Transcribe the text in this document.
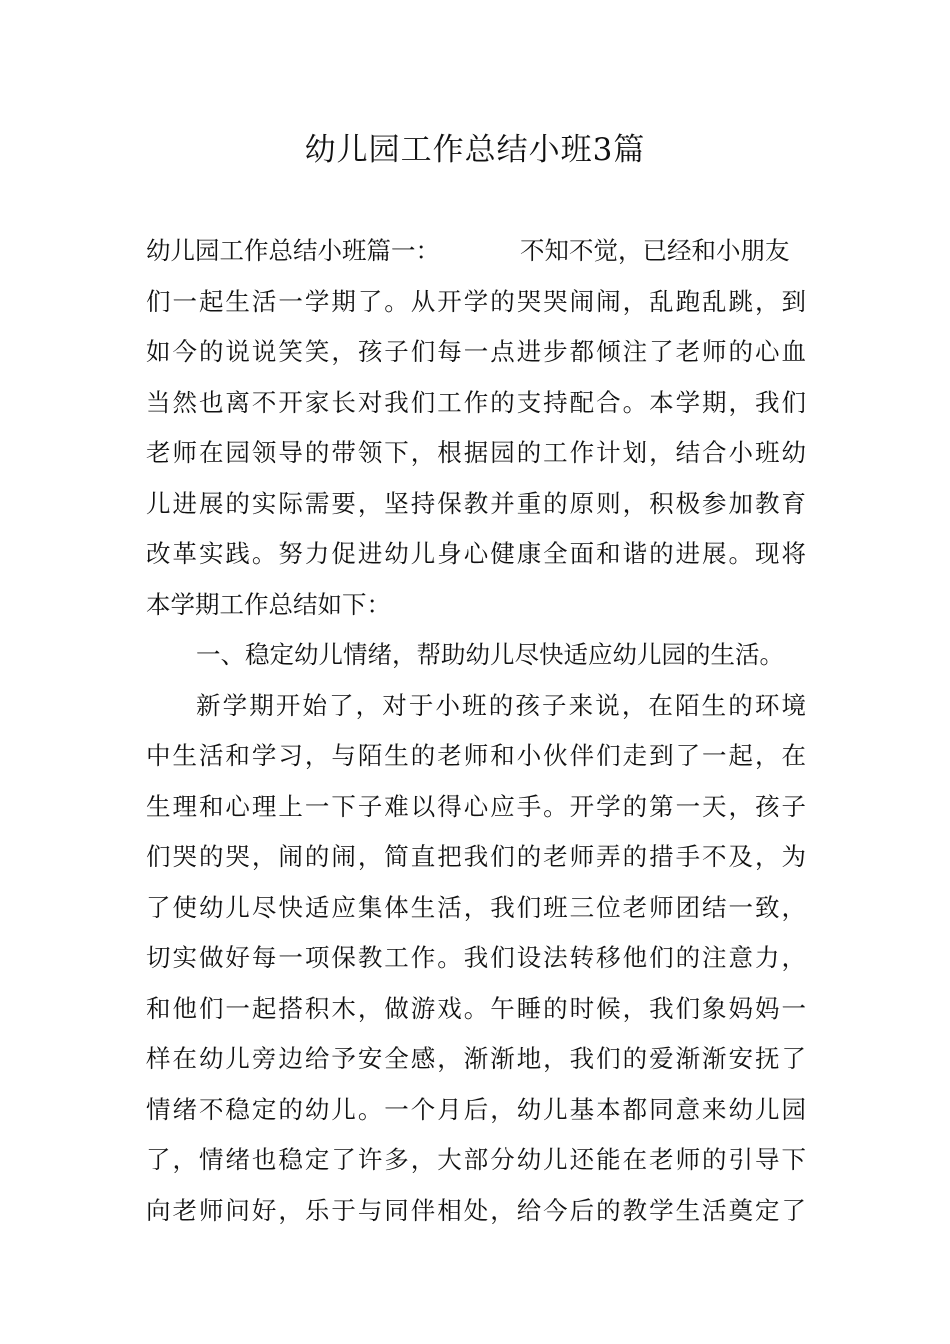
幼儿园工作总结小班3篇
幼儿园工作总结小班篇一：	不知不觉，已经和小朋友
们一起生活一学期了。从开学的哭哭闹闹，乱跑乱跳，到
如今的说说笑笑，孩子们每一点进步都倾注了老师的心血
当然也离不开家长对我们工作的支持配合。本学期，我们
老师在园领导的带领下，根据园的工作计划，结合小班幼
儿进展的实际需要，坚持保教并重的原则，积极参加教育
改革实践。努力促进幼儿身心健康全面和谐的进展。现将
本学期工作总结如下：
一、稳定幼儿情绪，帮助幼儿尽快适应幼儿园的生活。
新学期开始了，对于小班的孩子来说，在陌生的环境
中生活和学习，与陌生的老师和小伙伴们走到了一起，在
生理和心理上一下子难以得心应手。开学的第一天，孩子
们哭的哭，闹的闹，简直把我们的老师弄的措手不及，为
了使幼儿尽快适应集体生活，我们班三位老师团结一致，
切实做好每一项保教工作。我们设法转移他们的注意力，
和他们一起搭积木，做游戏。午睡的时候，我们象妈妈一
样在幼儿旁边给予安全感，渐渐地，我们的爱渐渐安抚了
情绪不稳定的幼儿。一个月后，幼儿基本都同意来幼儿园
了，情绪也稳定了许多，大部分幼儿还能在老师的引导下
向老师问好，乐于与同伴相处，给今后的教学生活奠定了
